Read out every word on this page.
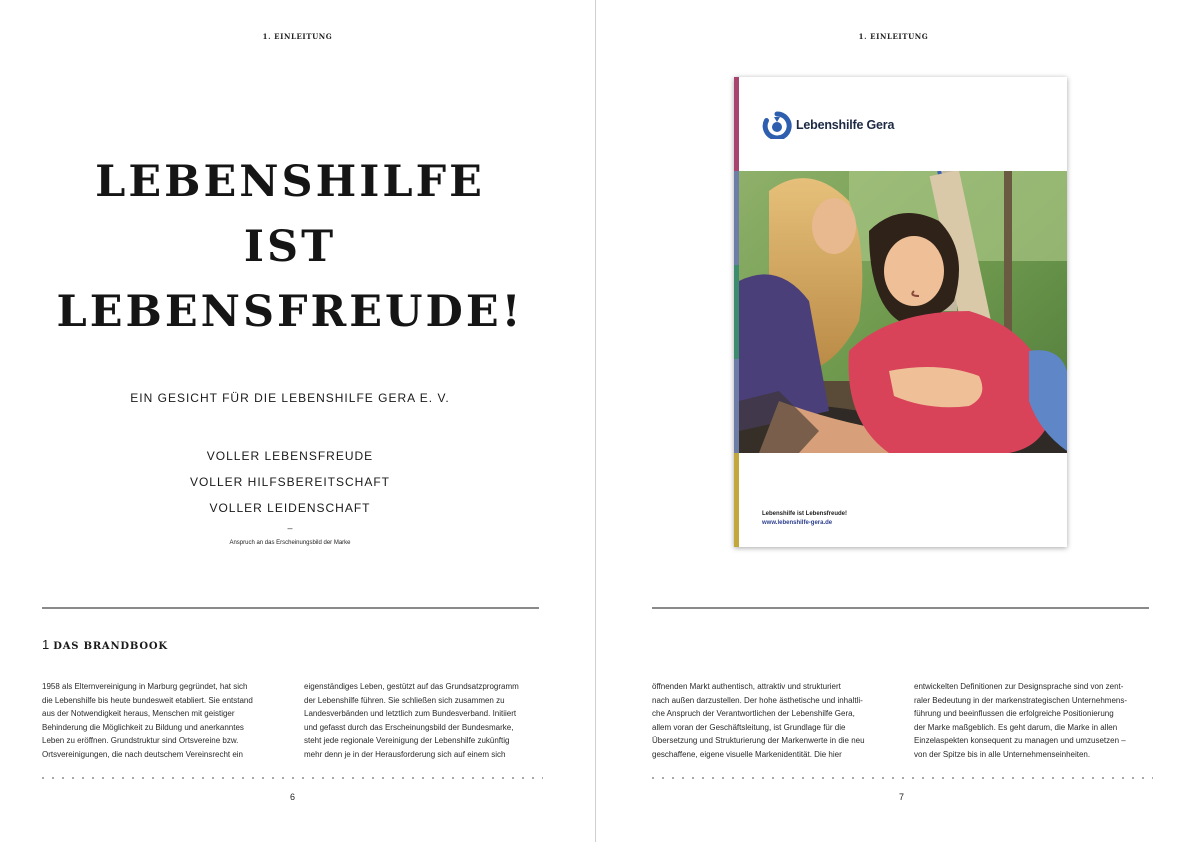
1. EINLEITUNG
LEBENSHILFE
IST
LEBENSFREUDE!
EIN GESICHT FÜR DIE LEBENSHILFE GERA E. V.
VOLLER LEBENSFREUDE
VOLLER HILFSBEREITSCHAFT
VOLLER LEIDENSCHAFT
–
Anspruch an das Erscheinungsbild der Marke
1 DAS BRANDBOOK

1958 als Elternvereinigung in Marburg gegründet, hat sich

die Lebenshilfe bis heute bundesweit etabliert. Sie entstand

aus der Notwendigkeit heraus, Menschen mit geistiger

Behinderung die Möglichkeit zu Bildung und anerkanntes

Leben zu eröffnen. Grundstruktur sind Ortsvereine bzw.

Ortsvereinigungen, die nach deutschem Vereinsrecht ein

eigenständiges Leben, gestützt auf das Grundsatzprogramm

der Lebenshilfe führen. Sie schließen sich zusammen zu

Landesverbänden und letztlich zum Bundesverband. Initiiert

und gefasst durch das Erscheinungsbild der Bundesmarke,

steht jede regionale Vereinigung der Lebenshilfe zukünftig

mehr denn je in der Herausforderung sich auf einem sich

6
1. EINLEITUNG
Lebenshilfe Gera
Lebenshilfe ist Lebensfreude!
www.lebenshilfe-gera.de

öffnenden Markt authentisch, attraktiv und strukturiert

nach außen darzustellen. Der hohe ästhetische und inhaltli-

che Anspruch der Verantwortlichen der Lebenshilfe Gera,

allem voran der Geschäftsleitung, ist Grundlage für die

Übersetzung und Strukturierung der Markenwerte in die neu

geschaffene, eigene visuelle Markenidentität. Die hier

entwickelten Definitionen zur Designsprache sind von zent-

raler Bedeutung in der markenstrategischen Unternehmens-

führung und beeinflussen die erfolgreiche Positionierung

der Marke maßgeblich. Es geht darum, die Marke in allen

Einzelaspekten konsequent zu managen und umzusetzen –

von der Spitze bis in alle Unternehmenseinheiten.

7
